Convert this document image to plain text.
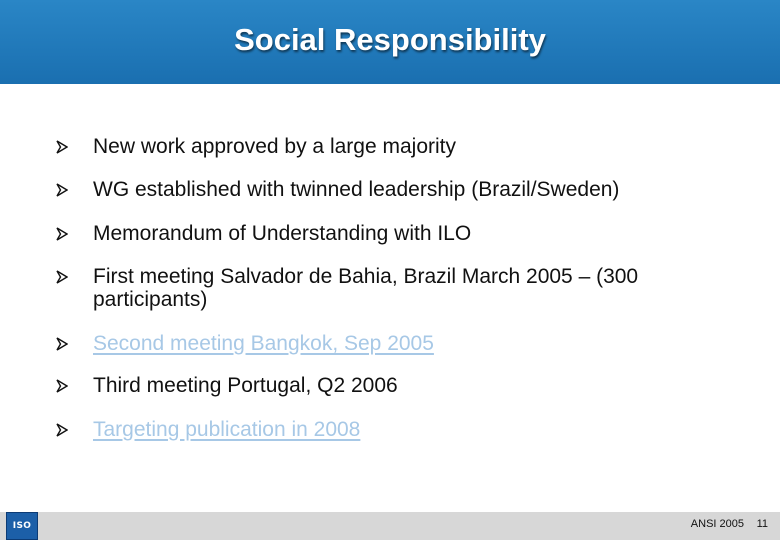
Social Responsibility
New work approved by a large majority
WG established with twinned leadership (Brazil/Sweden)
Memorandum of Understanding with ILO
First meeting Salvador de Bahia, Brazil March 2005 – (300 participants)
Second meeting Bangkok, Sep 2005
Third meeting Portugal, Q2 2006
Targeting publication in 2008
ISO	ANSI 2005 11
